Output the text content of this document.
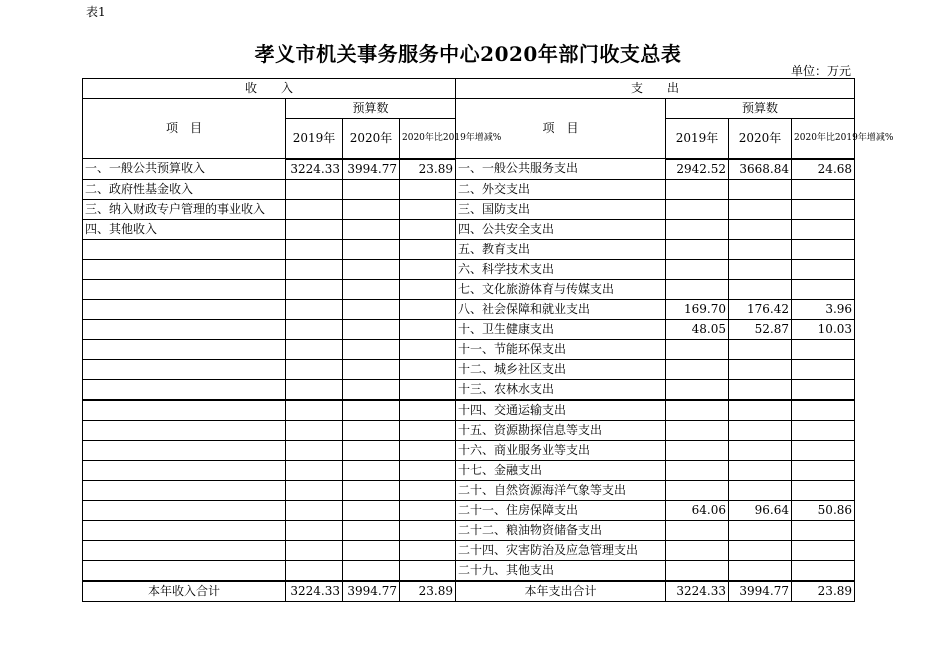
表1
孝义市机关事务服务中心2020年部门收支总表
单位：万元
收　　入				支　　出			
项　目	预算数			项　目	预算数		
	2019年	2020年	2020年比2019年增减%		2019年	2020年	2020年比2019年增减%
一、一般公共预算收入	3224.33	3994.77	23.89	一、一般公共服务支出	2942.52	3668.84	24.68
二、政府性基金收入				二、外交支出			
三、纳入财政专户管理的事业收入				三、国防支出			
四、其他收入				四、公共安全支出			
				五、教育支出			
				六、科学技术支出			
				七、文化旅游体育与传媒支出			
				八、社会保障和就业支出	169.70	176.42	3.96
				十、卫生健康支出	48.05	52.87	10.03
				十一、节能环保支出			
				十二、城乡社区支出			
				十三、农林水支出			
				十四、交通运输支出			
				十五、资源勘探信息等支出			
				十六、商业服务业等支出			
				十七、金融支出			
				二十、自然资源海洋气象等支出			
				二十一、住房保障支出	64.06	96.64	50.86
				二十二、粮油物资储备支出			
				二十四、灾害防治及应急管理支出			
				二十九、其他支出			
本年收入合计	3224.33	3994.77	23.89	本年支出合计	3224.33	3994.77	23.89
